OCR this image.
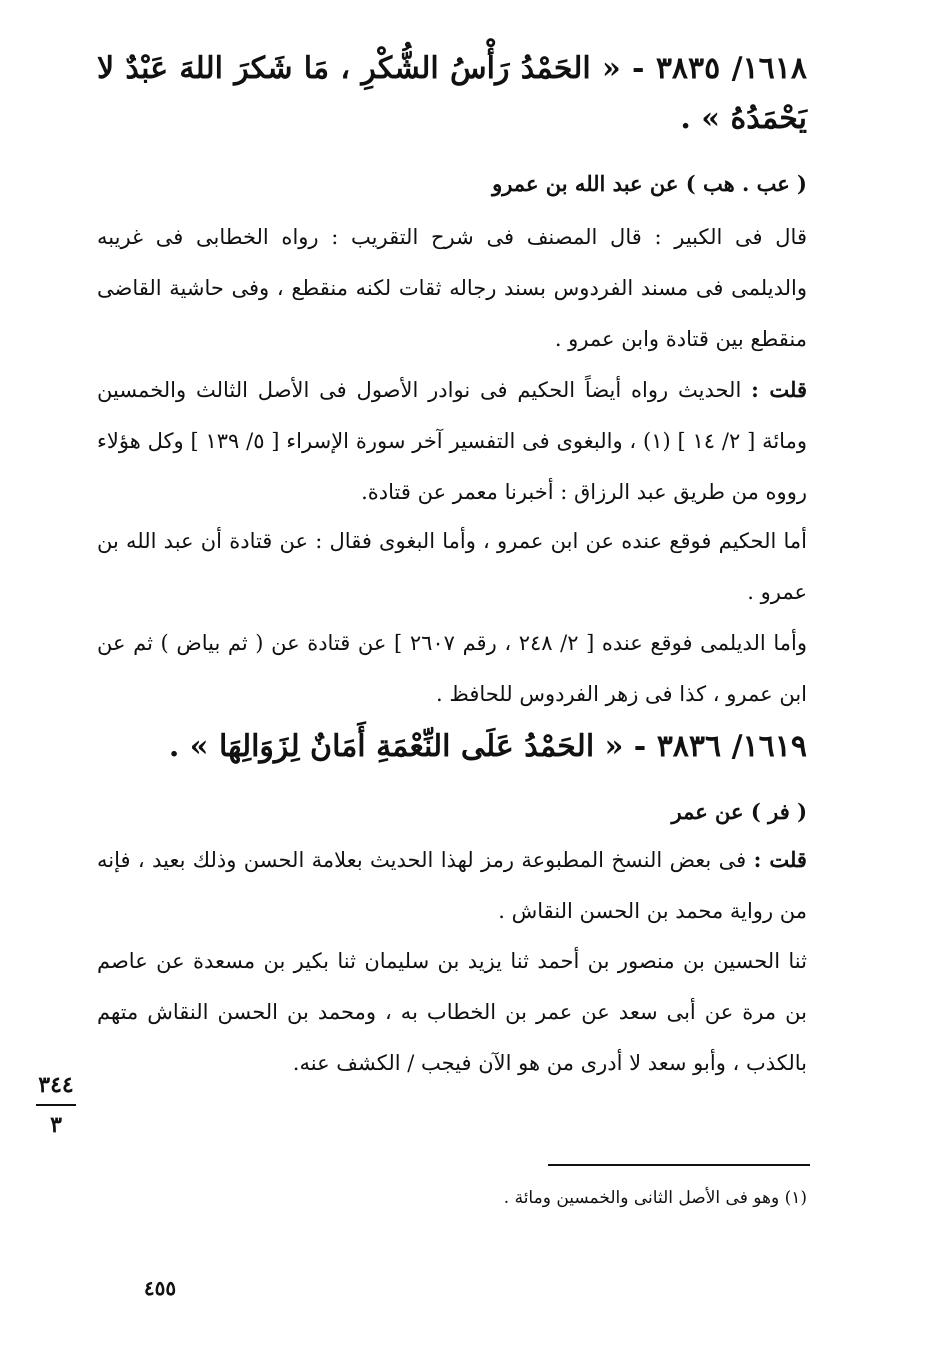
١٦١٨/ ٣٨٣٥ - « الحَمْدُ رَأْسُ الشُّكْرِ ، مَا شَكرَ اللهَ عَبْدٌ لا يَحْمَدُهُ » .

( عب . هب ) عن عبد الله بن عمرو

قال فى الكبير : قال المصنف فى شرح التقريب : رواه الخطابى فى غريبه والديلمى فى مسند الفردوس بسند رجاله ثقات لكنه منقطع ، وفى حاشية القاضى منقطع بين قتادة وابن عمرو .

قلت : الحديث رواه أيضاً الحكيم فى نوادر الأصول فى الأصل الثالث والخمسين ومائة [ ٢/ ١٤ ] (١) ، والبغوى فى التفسير آخر سورة الإسراء [ ٥/ ١٣٩ ] وكل هؤلاء رووه من طريق عبد الرزاق : أخبرنا معمر عن قتادة.

أما الحكيم فوقع عنده عن ابن عمرو ، وأما البغوى فقال : عن قتادة أن عبد الله بن عمرو .

وأما الديلمى فوقع عنده [ ٢/ ٢٤٨ ، رقم ٢٦٠٧ ] عن قتادة عن ( ثم بياض ) ثم عن ابن عمرو ، كذا فى زهر الفردوس للحافظ .

١٦١٩/ ٣٨٣٦ - « الحَمْدُ عَلَى النِّعْمَةِ أَمَانٌ لِزَوَالِهَا » .

( فر ) عن عمر

قلت : فى بعض النسخ المطبوعة رمز لهذا الحديث بعلامة الحسن وذلك بعيد ، فإنه من رواية محمد بن الحسن النقاش .

ثنا الحسين بن منصور بن أحمد ثنا يزيد بن سليمان ثنا بكير بن مسعدة عن عاصم بن مرة عن أبى سعد عن عمر بن الخطاب به ، ومحمد بن الحسن النقاش متهم بالكذب ، وأبو سعد لا أدرى من هو الآن فيجب / الكشف عنه.

٣٤٤
٣

(١) وهو فى الأصل الثانى والخمسين ومائة .

٤٥٥
